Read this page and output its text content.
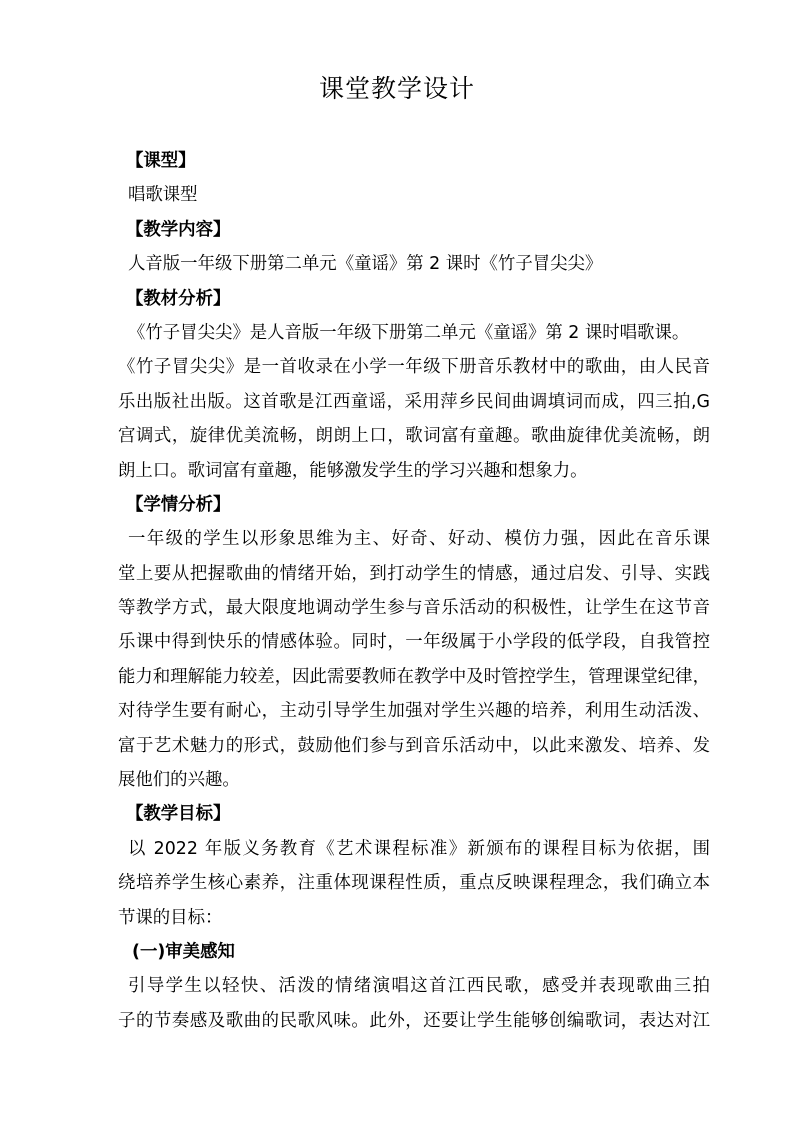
课堂教学设计
【课型】
唱歌课型
【教学内容】
人音版一年级下册第二单元《童谣》第 2 课时《竹子冒尖尖》
【教材分析】
《竹子冒尖尖》是人音版一年级下册第二单元《童谣》第 2 课时唱歌课。
《竹子冒尖尖》是一首收录在小学一年级下册音乐教材中的歌曲，由人民音
乐出版社出版。这首歌是江西童谣，采用萍乡民间曲调填词而成，四三拍,G
宫调式，旋律优美流畅，朗朗上口，歌词富有童趣。歌曲旋律优美流畅，朗
朗上口。歌词富有童趣，能够激发学生的学习兴趣和想象力。
【学情分析】
一年级的学生以形象思维为主、好奇、好动、模仿力强，因此在音乐课
堂上要从把握歌曲的情绪开始，到打动学生的情感，通过启发、引导、实践
等教学方式，最大限度地调动学生参与音乐活动的积极性，让学生在这节音
乐课中得到快乐的情感体验。同时，一年级属于小学段的低学段，自我管控
能力和理解能力较差，因此需要教师在教学中及时管控学生，管理课堂纪律，
对待学生要有耐心，主动引导学生加强对学生兴趣的培养，利用生动活泼、
富于艺术魅力的形式，鼓励他们参与到音乐活动中，以此来激发、培养、发
展他们的兴趣。
【教学目标】
以 2022 年版义务教育《艺术课程标准》新颁布的课程目标为依据，围
绕培养学生核心素养，注重体现课程性质，重点反映课程理念，我们确立本
节课的目标：
(一)审美感知
引导学生以轻快、活泼的情绪演唱这首江西民歌，感受并表现歌曲三拍
子的节奏感及歌曲的民歌风味。此外，还要让学生能够创编歌词，表达对江
